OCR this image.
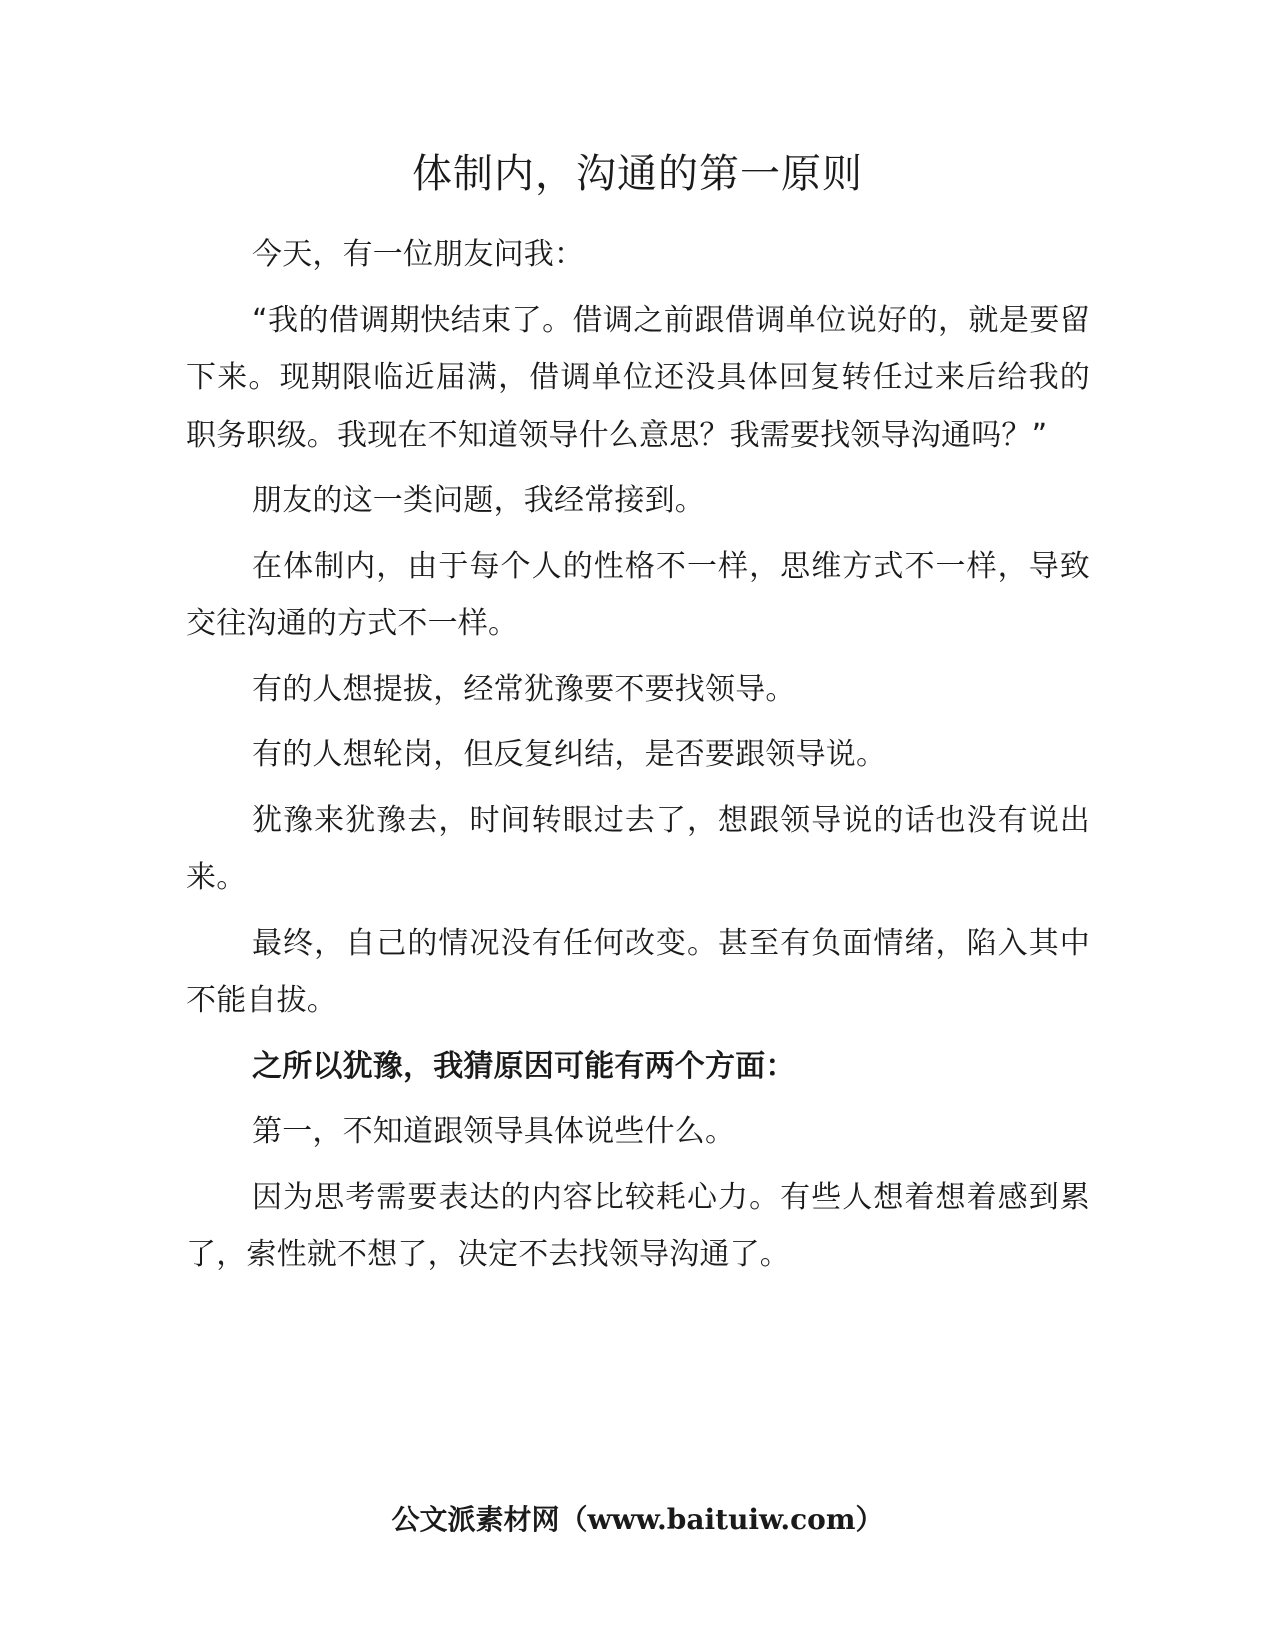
体制内，沟通的第一原则

今天，有一位朋友问我：

“我的借调期快结束了。借调之前跟借调单位说好的，就是要留下来。现期限临近届满，借调单位还没具体回复转任过来后给我的职务职级。我现在不知道领导什么意思？我需要找领导沟通吗？”

朋友的这一类问题，我经常接到。

在体制内，由于每个人的性格不一样，思维方式不一样，导致交往沟通的方式不一样。

有的人想提拔，经常犹豫要不要找领导。

有的人想轮岗，但反复纠结，是否要跟领导说。

犹豫来犹豫去，时间转眼过去了，想跟领导说的话也没有说出来。

最终，自己的情况没有任何改变。甚至有负面情绪，陷入其中不能自拔。

之所以犹豫，我猜原因可能有两个方面：

第一，不知道跟领导具体说些什么。

因为思考需要表达的内容比较耗心力。有些人想着想着感到累了，索性就不想了，决定不去找领导沟通了。

公文派素材网（www.baituiw.com）
